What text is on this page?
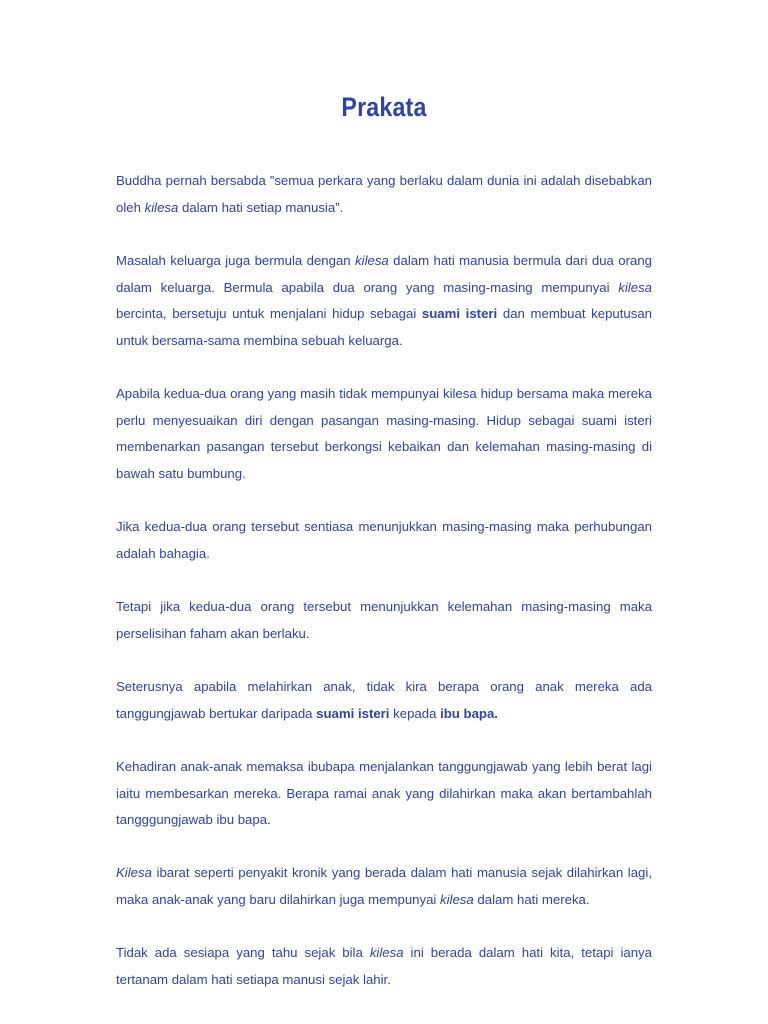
Prakata

Buddha pernah bersabda ”semua perkara yang berlaku dalam dunia ini adalah disebabkan oleh kilesa dalam hati setiap manusia”.

Masalah keluarga juga bermula dengan kilesa dalam hati manusia bermula dari dua orang dalam keluarga. Bermula apabila dua orang yang masing-masing mempunyai kilesa bercinta, bersetuju untuk menjalani hidup sebagai suami isteri dan membuat keputusan untuk bersama-sama membina sebuah keluarga.

Apabila kedua-dua orang yang masih tidak mempunyai kilesa hidup bersama maka mereka perlu menyesuaikan diri dengan pasangan masing-masing. Hidup sebagai suami isteri membenarkan pasangan tersebut berkongsi kebaikan dan kelemahan masing-masing di bawah satu bumbung.

Jika kedua-dua orang tersebut sentiasa menunjukkan masing-masing maka perhubungan adalah bahagia.

Tetapi jika kedua-dua orang tersebut menunjukkan kelemahan masing-masing maka perselisihan faham akan berlaku.

Seterusnya apabila melahirkan anak, tidak kira berapa orang anak mereka ada tanggungjawab bertukar daripada suami isteri kepada ibu bapa.

Kehadiran anak-anak memaksa ibubapa menjalankan tanggungjawab yang lebih berat lagi iaitu membesarkan mereka. Berapa ramai anak yang dilahirkan maka akan bertambahlah tangggungjawab ibu bapa.

Kilesa ibarat seperti penyakit kronik yang berada dalam hati manusia sejak dilahirkan lagi, maka anak-anak yang baru dilahirkan juga mempunyai kilesa dalam hati mereka.

Tidak ada sesiapa yang tahu sejak bila kilesa ini berada dalam hati kita, tetapi ianya tertanam dalam hati setiapa manusi sejak lahir.
